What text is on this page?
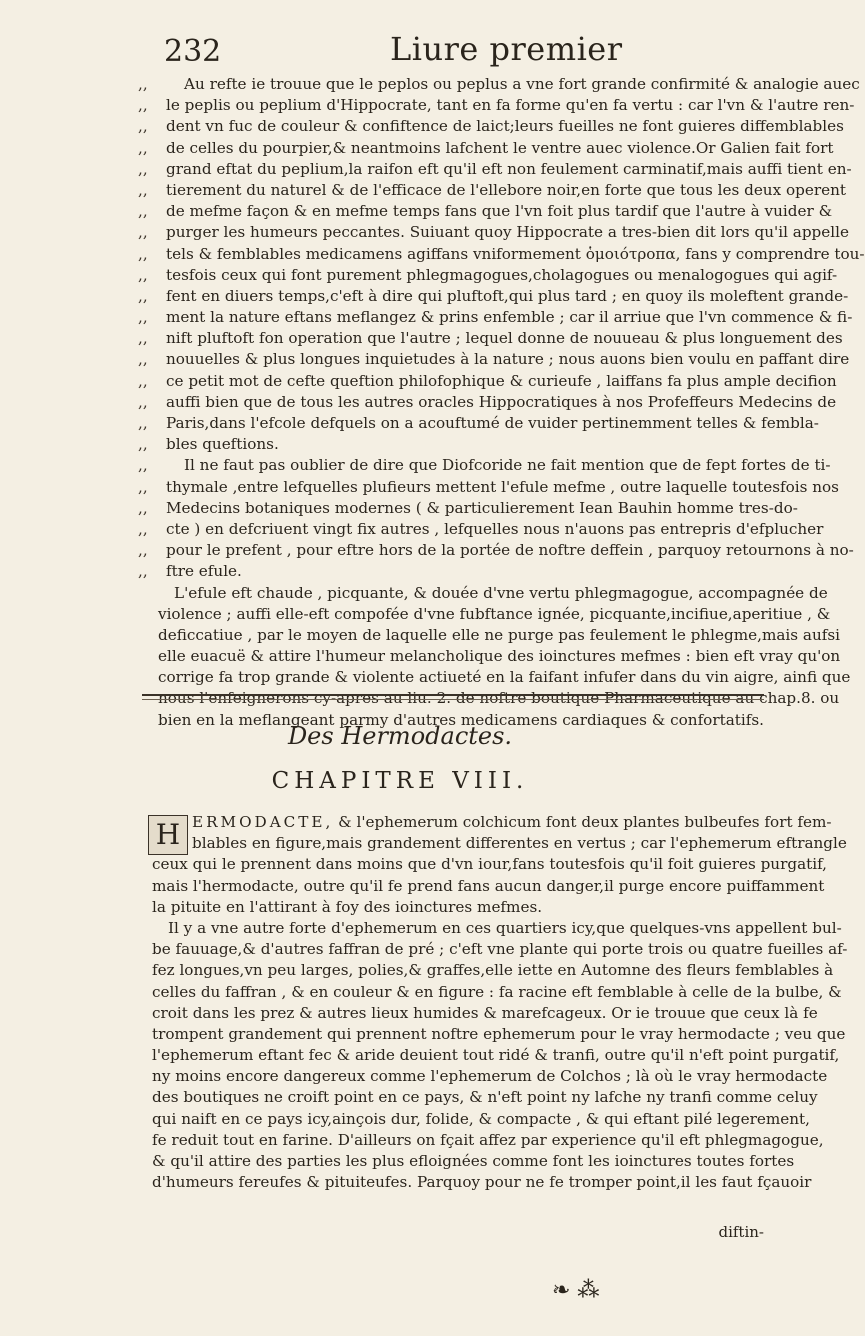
232	Liure premier
,,	Au refte ie trouue que le peplos ou peplus a vne fort grande confirmité & analogie auec
,,	le peplis ou peplium d'Hippocrate, tant en fa forme qu'en fa vertu : car l'vn & l'autre ren-
,,	dent vn fuc de couleur & confiftence de laict;leurs fueilles ne font guieres diffemblables
,,	de celles du pourpier,& neantmoins lafchent le ventre auec violence.Or Galien fait fort
,,	grand eftat du peplium,la raifon eft qu'il eft non feulement carminatif,mais auffi tient en-
,,	tierement du naturel & de l'efficace de l'ellebore noir,en forte que tous les deux operent
,,	de mefme façon & en mefme temps fans que l'vn foit plus tardif que l'autre à vuider &
,,	purger les humeurs peccantes. Suiuant quoy Hippocrate a tres-bien dit lors qu'il appelle
,,	tels & femblables medicamens agiffans vniformement ὁμοιότροπα, fans y comprendre tou-
,,	tesfois ceux qui font purement phlegmagogues,cholagogues ou menalogogues qui agif-
,,	fent en diuers temps,c'eft à dire qui pluftoft,qui plus tard ; en quoy ils moleftent grande-
,,	ment la nature eftans meflangez & prins enfemble ; car il arriue que l'vn commence & fi-
,,	nift pluftoft fon operation que l'autre ; lequel donne de nouueau & plus longuement des
,,	nouuelles & plus longues inquietudes à la nature ; nous auons bien voulu en paffant dire
,,	ce petit mot de cefte queftion philofophique & curieufe , laiffans fa plus ample decifion
,,	auffi bien que de tous les autres oracles Hippocratiques à nos Profeffeurs Medecins de
,,	Paris,dans l'efcole defquels on a acouftumé de vuider pertinemment telles & fembla-
,,	bles queftions.
,,	Il ne faut pas oublier de dire que Diofcoride ne fait mention que de fept fortes de ti-
,,	thymale ,entre lefquelles plufieurs mettent l'efule mefme , outre laquelle toutesfois nos
,,	Medecins botaniques modernes ( & particulierement Iean Bauhin homme tres-do-
,,	cte ) en defcriuent vingt fix autres , lefquelles nous n'auons pas entrepris d'efplucher
,,	pour le prefent , pour eftre hors de la portée de noftre deffein , parquoy retournons à no-
,,	ftre efule.
L'efule eft chaude , picquante, & douée d'vne vertu phlegmagogue, accompagnée de
violence ; auffi elle-eft compofée d'vne fubftance ignée, picquante,incifiue,aperitiue , &
deficcatiue , par le moyen de laquelle elle ne purge pas feulement le phlegme,mais aufsi
elle euacuë & attire l'humeur melancholique des ioinctures mefmes : bien eft vray qu'on
corrige fa trop grande & violente actiueté en la faifant infufer dans du vin aigre, ainfi que
nous l'enfeignerons cy-apres au liu. 2. de noftre boutique Pharmaceutique au chap.8. ou
bien en la meflangeant parmy d'autres medicamens cardiaques & confortatifs.
Des Hermodactes.
CHAPITRE VIII.
H ERMODACTE, & l'ephemerum colchicum font deux plantes bulbeufes fort fem-
blables en figure,mais grandement differentes en vertus ; car l'ephemerum eftrangle
ceux qui le prennent dans moins que d'vn iour,fans toutesfois qu'il foit guieres purgatif,
mais l'hermodacte, outre qu'il fe prend fans aucun danger,il purge encore puiffamment
la pituite en l'attirant à foy des ioinctures mefmes.
Il y a vne autre forte d'ephemerum en ces quartiers icy,que quelques-vns appellent bul-
be fauuage,& d'autres faffran de pré ; c'eft vne plante qui porte trois ou quatre fueilles af-
fez longues,vn peu larges, polies,& graffes,elle iette en Automne des fleurs femblables à
celles du faffran , & en couleur & en figure : fa racine eft femblable à celle de la bulbe, &
croit dans les prez & autres lieux humides & marefcageux. Or ie trouue que ceux là fe
trompent grandement qui prennent noftre ephemerum pour le vray hermodacte ; veu que
l'ephemerum eftant fec & aride deuient tout ridé & tranfi, outre qu'il n'eft point purgatif,
ny moins encore dangereux comme l'ephemerum de Colchos ; là où le vray hermodacte
des boutiques ne croift point en ce pays, & n'eft point ny lafche ny tranfi comme celuy
qui naift en ce pays icy,ainçois dur, folide, & compacte , & qui eftant pilé legerement,
fe reduit tout en farine. D'ailleurs on fçait affez par experience qu'il eft phlegmagogue,
& qu'il attire des parties les plus efloignées comme font les ioinctures toutes fortes
d'humeurs fereufes & pituiteufes. Parquoy pour ne fe tromper point,il les faut fçauoir
diftin-
❧ ⁂
